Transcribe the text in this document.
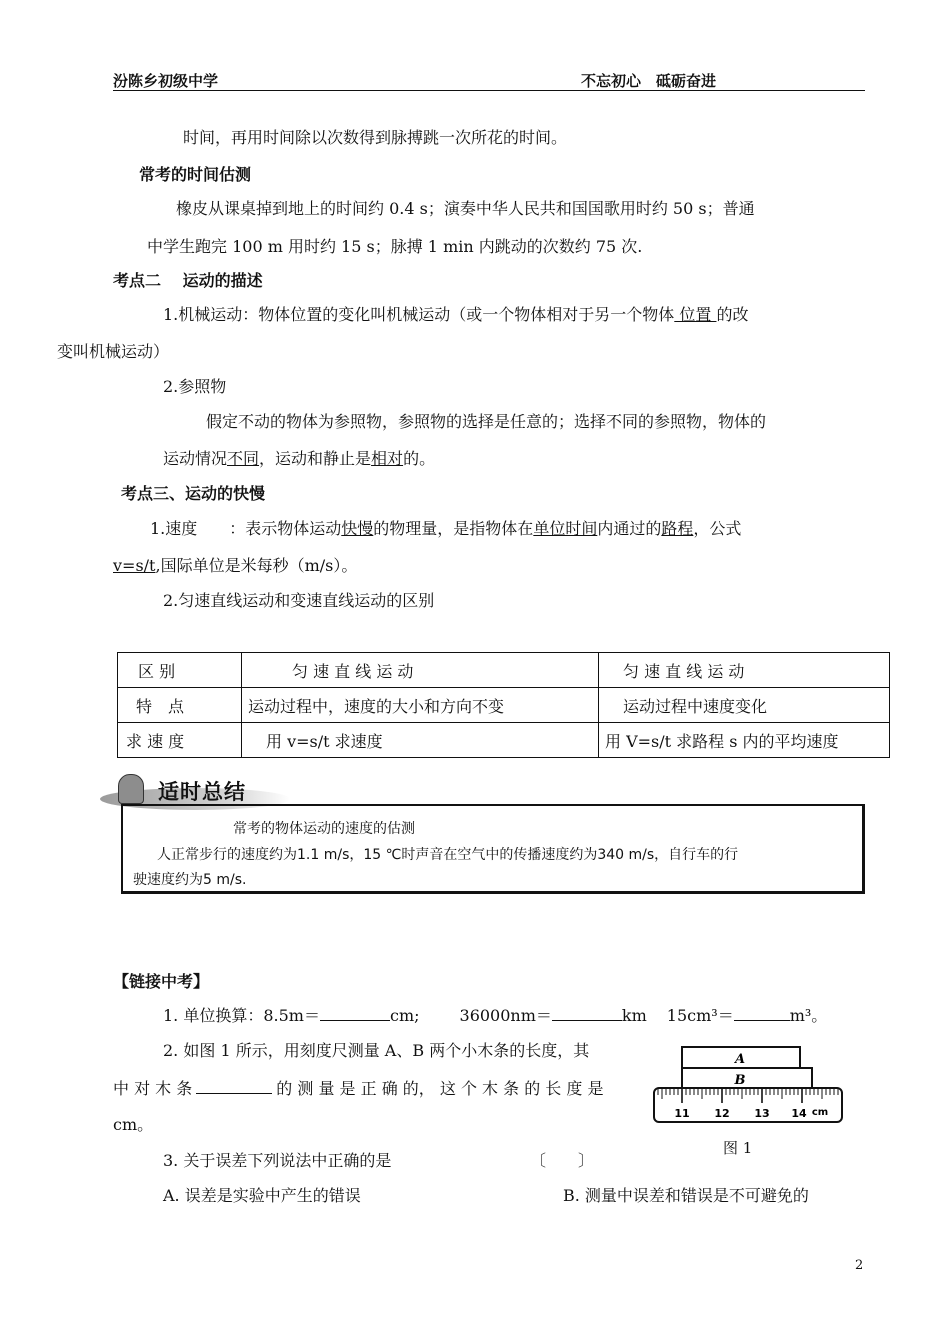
汾陈乡初级中学	不忘初心　砥砺奋进
时间，再用时间除以次数得到脉搏跳一次所花的时间。
常考的时间估测
橡皮从课桌掉到地上的时间约 0.4 s；演奏中华人民共和国国歌用时约 50 s；普通
中学生跑完 100 m 用时约 15 s；脉搏 1 min 内跳动的次数约 75 次.
考点二　 运动的描述
1.机械运动：物体位置的变化叫机械运动（或一个物体相对于另一个物体 位置 的改
变叫机械运动）
2.参照物
假定不动的物体为参照物，参照物的选择是任意的；选择不同的参照物，物体的
运动情况不同，运动和静止是相对的。
考点三、运动的快慢
1.速度　　：表示物体运动快慢的物理量，是指物体在单位时间内通过的路程，公式
v=s/t,国际单位是米每秒（m/s）。
2.匀速直线运动和变速直线运动的区别
区 别	匀 速 直 线 运 动	匀 速 直 线 运 动
特　点	运动过程中，速度的大小和方向不变	运动过程中速度变化
求 速 度	用 v=s/t 求速度	用 V=s/t 求路程 s 内的平均速度
适时总结
常考的物体运动的速度的估测
人正常步行的速度约为1.1 m/s，15 ℃时声音在空气中的传播速度约为340 m/s，自行车的行
驶速度约为5 m/s.
【链接中考】
1. 单位换算：8.5m＝	cm;	36000nm＝	km 15cm³＝	m³。
2. 如图 1 所示，用刻度尺测量 A、B 两个小木条的长度，其
中 对 木 条	的 测 量 是 正 确 的， 这 个 木 条 的 长 度 是
cm。
3. 关于误差下列说法中正确的是	〔　　〕
A. 误差是实验中产生的错误	B. 测量中误差和错误是不可避免的
A
B
11 12 13 14 cm
图 1
2
